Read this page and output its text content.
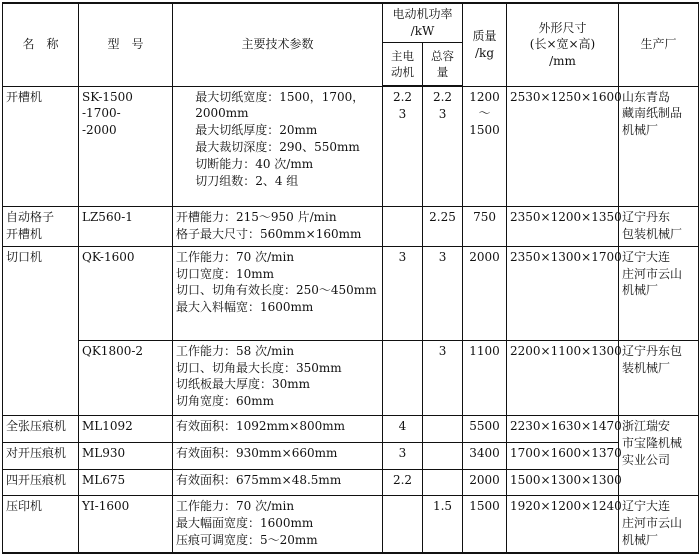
名　称	型　号	主要技术参数	电动机功率
/kW		质量
/kg	外形尺寸
(长×宽×高)
/mm	生产厂
			主电
动机	总容量			
开槽机	SK-1500
-1700-
-2000	最大切纸宽度：1500，1700，2000mm
最大切纸厚度：20mm
最大裁切深度：290、550mm
切断能力：40 次/mm
切刀组数：2、4 组	2.2
3	2.2
3	1200～
1500	2530×1250×1600	山东青岛
藏南纸制品
机械厂
自动格子
开槽机	LZ560-1	开槽能力：215～950 片/min
格子最大尺寸：560mm×160mm		2.25	750	2350×1200×1350	辽宁丹东
包装机械厂
切口机	QK-1600	工作能力：70 次/min
切口宽度：10mm
切口、切角有效长度：250～450mm
最大入料幅宽：1600mm	3	3	2000	2350×1300×1700	辽宁大连
庄河市云山
机械厂
	QK1800-2	工作能力：58 次/min
切口、切角最大长度：350mm
切纸板最大厚度：30mm
切角宽度：60mm		3	1100	2200×1100×1300	辽宁丹东包
装机械厂
全张压痕机	ML1092	有效面积：1092mm×800mm	4		5500	2230×1630×1470	浙江瑞安
市宝隆机械
实业公司
对开压痕机	ML930	有效面积：930mm×660mm	3		3400	1700×1600×1370	
四开压痕机	ML675	有效面积：675mm×48.5mm	2.2		2000	1500×1300×1300	
压印机	YI-1600	工作能力：70 次/min
最大幅面宽度：1600mm
压痕可调宽度：5～20mm		1.5	1500	1920×1200×1240	辽宁大连
庄河市云山
机械厂
